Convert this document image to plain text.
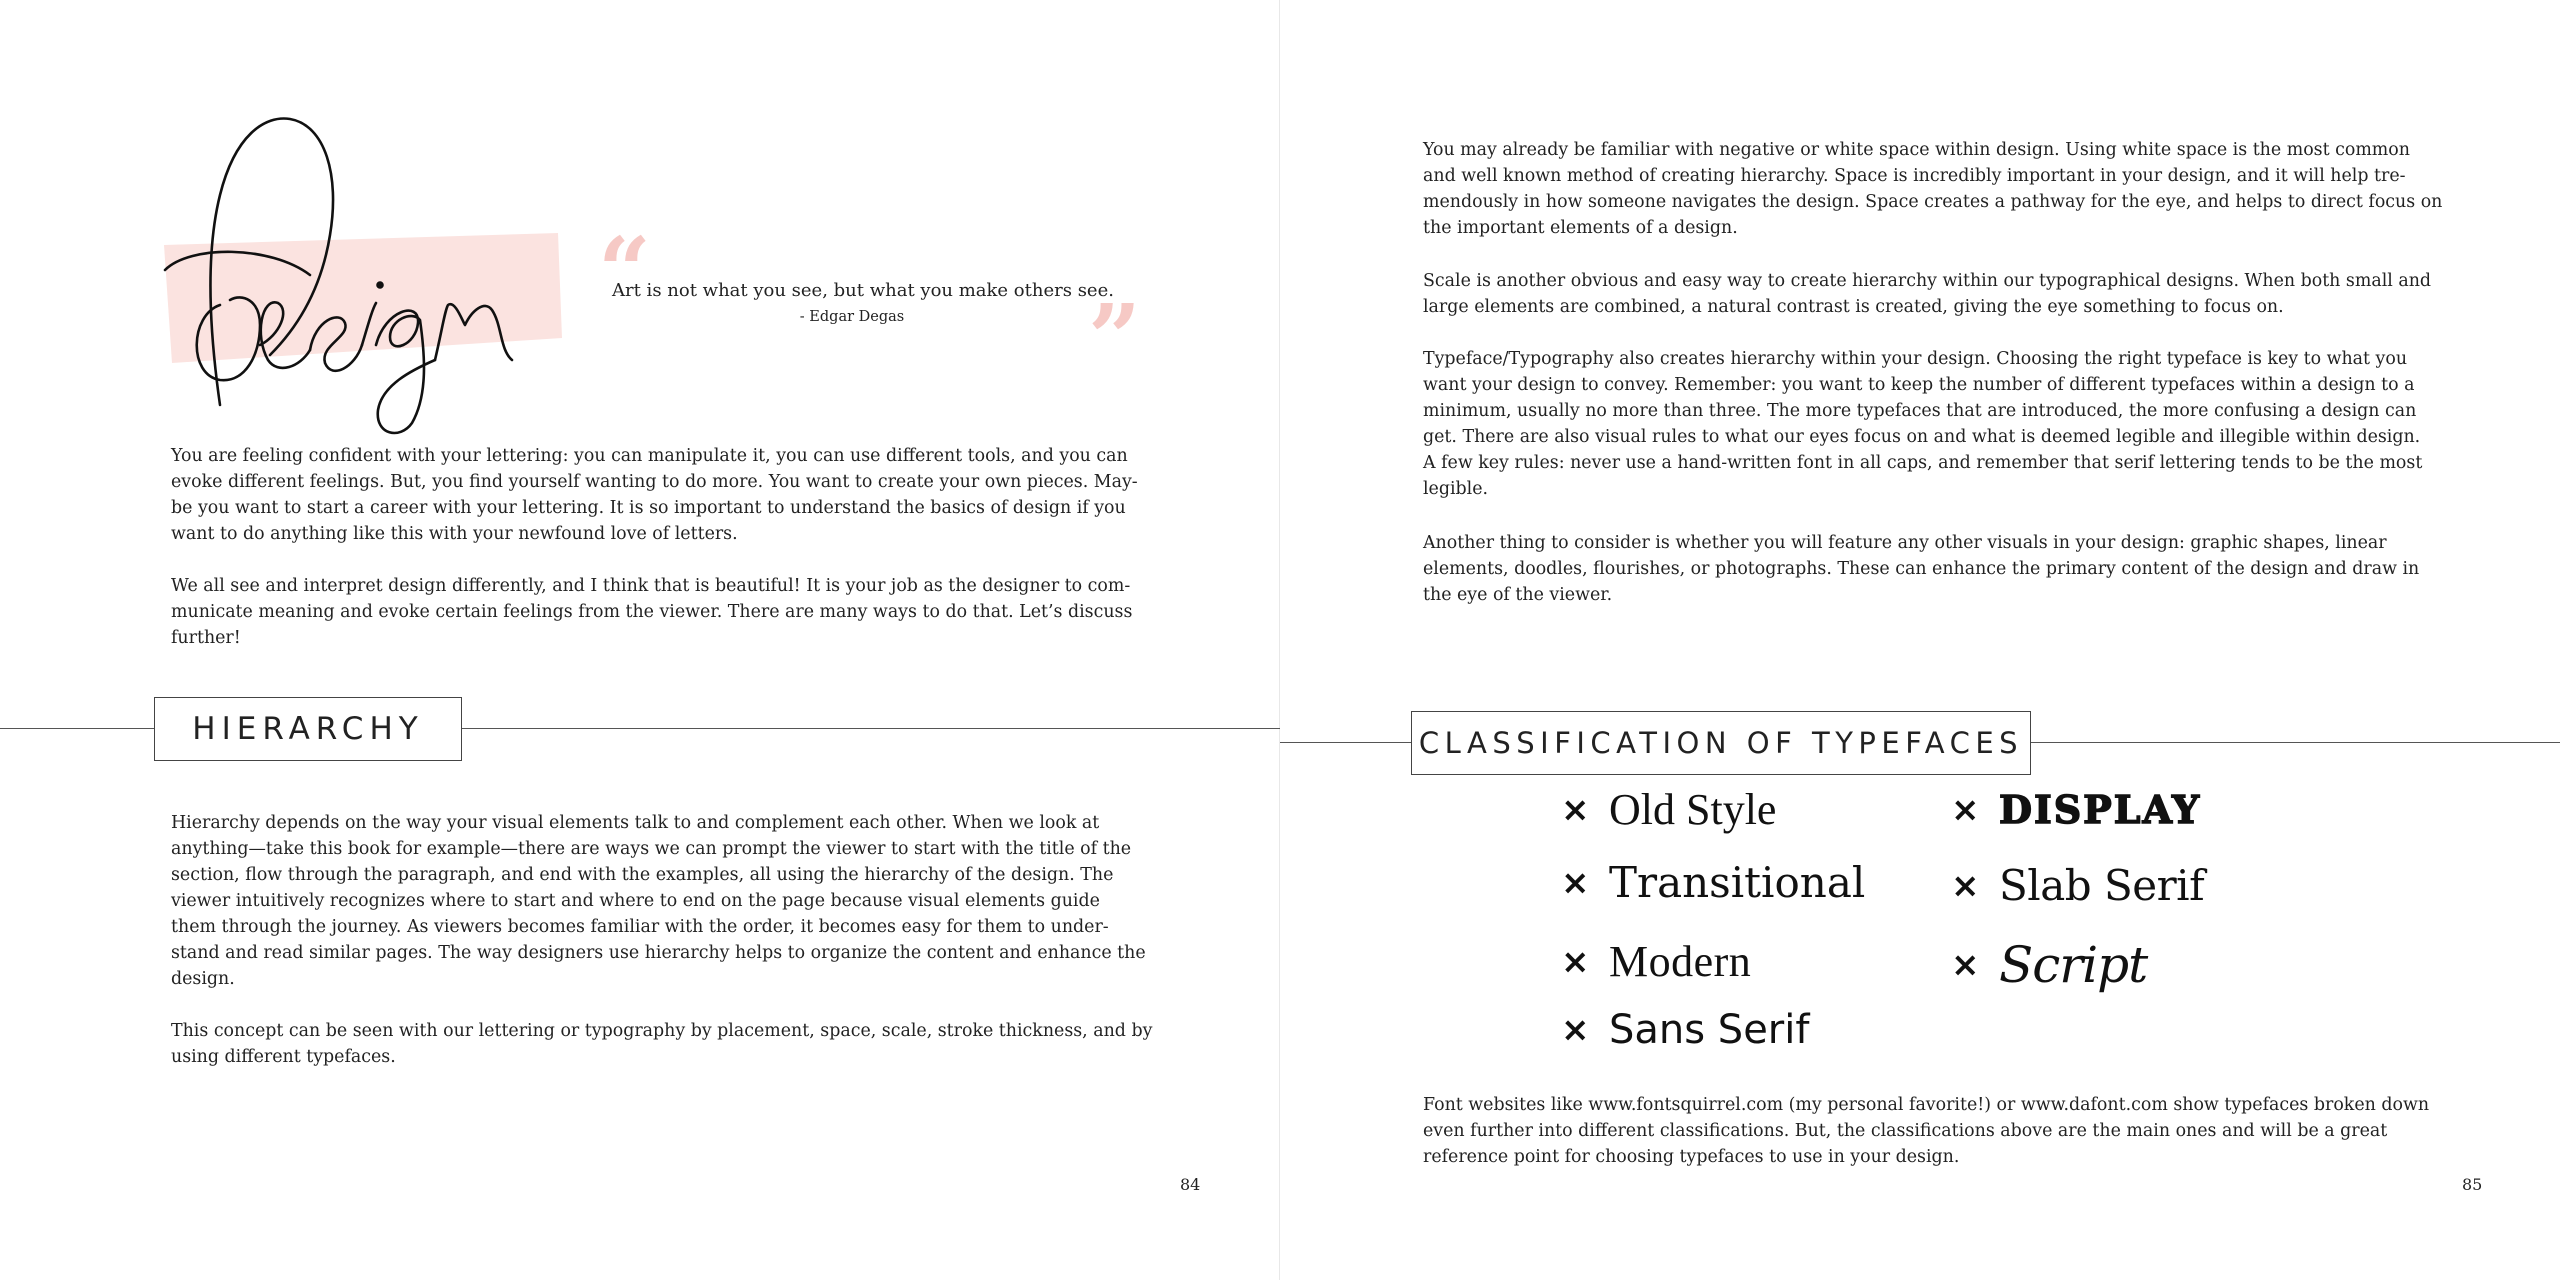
“
”
Art is not what you see, but what you make others see.
- Edgar Degas
You are feeling confident with your lettering: you can manipulate it, you can use different tools, and you can
evoke different feelings. But, you find yourself wanting to do more. You want to create your own pieces. May-
be you want to start a career with your lettering. It is so important to understand the basics of design if you
want to do anything like this with your newfound love of letters.
We all see and interpret design differently, and I think that is beautiful! It is your job as the designer to com-
municate meaning and evoke certain feelings from the viewer. There are many ways to do that. Let’s discuss
further!
HIERARCHY
Hierarchy depends on the way your visual elements talk to and complement each other. When we look at
anything—take this book for example—there are ways we can prompt the viewer to start with the title of the
section, flow through the paragraph, and end with the examples, all using the hierarchy of the design. The
viewer intuitively recognizes where to start and where to end on the page because visual elements guide
them through the journey. As viewers becomes familiar with the order, it becomes easy for them to under-
stand and read similar pages. The way designers use hierarchy helps to organize the content and enhance the
design.
This concept can be seen with our lettering or typography by placement, space, scale, stroke thickness, and by
using different typefaces.
84
You may already be familiar with negative or white space within design. Using white space is the most common
and well known method of creating hierarchy. Space is incredibly important in your design, and it will help tre-
mendously in how someone navigates the design. Space creates a pathway for the eye, and helps to direct focus on
the important elements of a design.
Scale is another obvious and easy way to create hierarchy within our typographical designs. When both small and
large elements are combined, a natural contrast is created, giving the eye something to focus on.
Typeface/Typography also creates hierarchy within your design. Choosing the right typeface is key to what you
want your design to convey. Remember: you want to keep the number of different typefaces within a design to a
minimum, usually no more than three. The more typefaces that are introduced, the more confusing a design can
get. There are also visual rules to what our eyes focus on and what is deemed legible and illegible within design.
A few key rules: never use a hand-written font in all caps, and remember that serif lettering tends to be the most
legible.
Another thing to consider is whether you will feature any other visuals in your design: graphic shapes, linear
elements, doodles, flourishes, or photographs. These can enhance the primary content of the design and draw in
the eye of the viewer.
CLASSIFICATION OF TYPEFACES
× Old Style
× Transitional
× Modern
× Sans Serif
× DISPLAY
× Slab Serif
× Script
Font websites like www.fontsquirrel.com (my personal favorite!) or www.dafont.com show typefaces broken down
even further into different classifications. But, the classifications above are the main ones and will be a great
reference point for choosing typefaces to use in your design.
85
